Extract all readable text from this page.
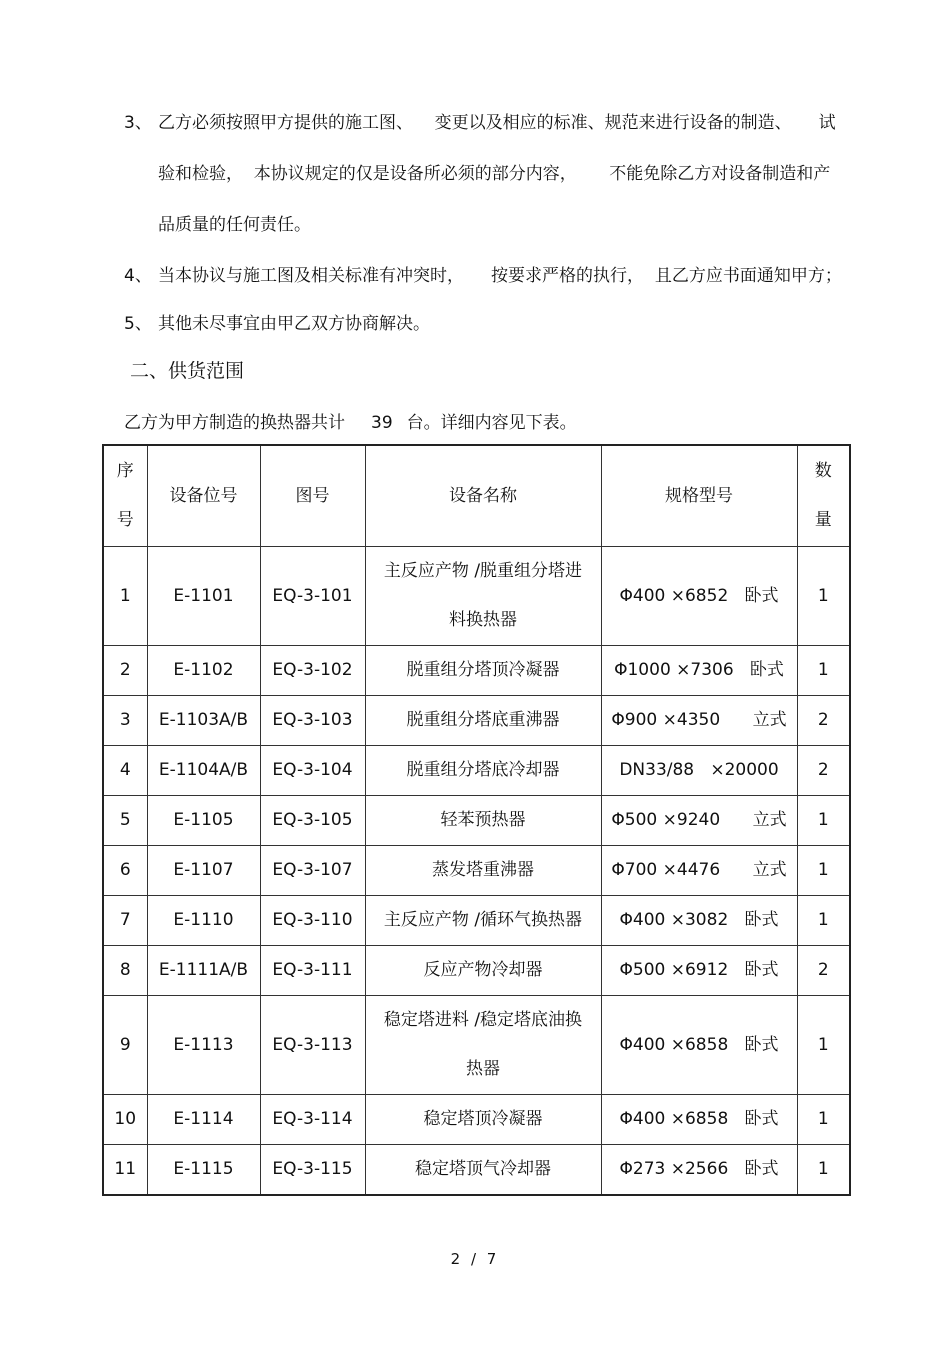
3、 乙方必须按照甲方提供的施工图、    变更以及相应的标准、规范来进行设备的制造、     试
验和检验，  本协议规定的仅是设备所必须的部分内容，      不能免除乙方对设备制造和产
品质量的任何责任。
4、 当本协议与施工图及相关标准有冲突时，     按要求严格的执行，  且乙方应书面通知甲方；
5、 其他未尽事宜由甲乙双方协商解决。
二、供货范围
乙方为甲方制造的换热器共计 39 台。详细内容见下表。
序
号	设备位号	图号	设备名称	规格型号	数
量
1	E-1101	EQ-3-101	主反应产物 /脱重组分塔进
料换热器	Φ400 ×6852   卧式	1
2	E-1102	EQ-3-102	脱重组分塔顶冷凝器	Φ1000 ×7306   卧式	1
3	E-1103A/B	EQ-3-103	脱重组分塔底重沸器	Φ900 ×4350      立式	2
4	E-1104A/B	EQ-3-104	脱重组分塔底冷却器	DN33/88   ×20000	2
5	E-1105	EQ-3-105	轻苯预热器	Φ500 ×9240      立式	1
6	E-1107	EQ-3-107	蒸发塔重沸器	Φ700 ×4476      立式	1
7	E-1110	EQ-3-110	主反应产物 /循环气换热器	Φ400 ×3082   卧式	1
8	E-1111A/B	EQ-3-111	反应产物冷却器	Φ500 ×6912   卧式	2
9	E-1113	EQ-3-113	稳定塔进料 /稳定塔底油换
热器	Φ400 ×6858   卧式	1
10	E-1114	EQ-3-114	稳定塔顶冷凝器	Φ400 ×6858   卧式	1
11	E-1115	EQ-3-115	稳定塔顶气冷却器	Φ273 ×2566   卧式	1
2 / 7
